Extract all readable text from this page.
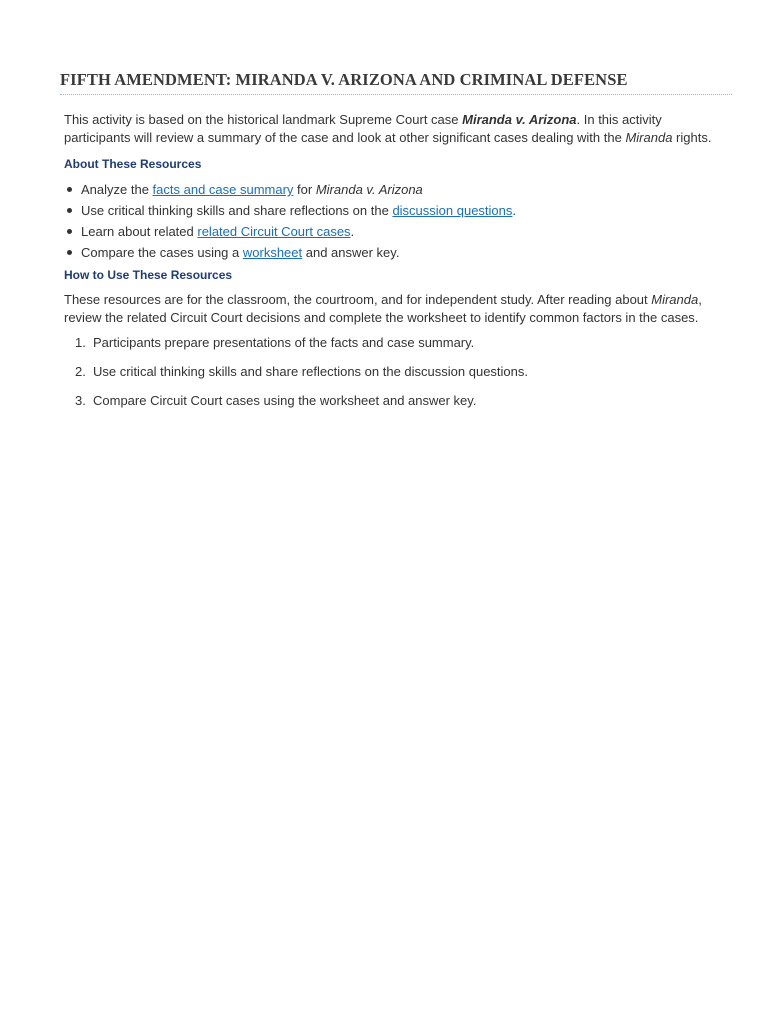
FIFTH AMENDMENT: MIRANDA V. ARIZONA AND CRIMINAL DEFENSE

This activity is based on the historical landmark Supreme Court case Miranda v. Arizona. In this activity participants will review a summary of the case and look at other significant cases dealing with the Miranda rights.

About These Resources
Analyze the facts and case summary for Miranda v. Arizona
Use critical thinking skills and share reflections on the discussion questions.
Learn about related related Circuit Court cases.
Compare the cases using a worksheet and answer key.
How to Use These Resources

These resources are for the classroom, the courtroom, and for independent study. After reading about Miranda, review the related Circuit Court decisions and complete the worksheet to identify common factors in the cases.

1. Participants prepare presentations of the facts and case summary.
2. Use critical thinking skills and share reflections on the discussion questions.
3. Compare Circuit Court cases using the worksheet and answer key.
